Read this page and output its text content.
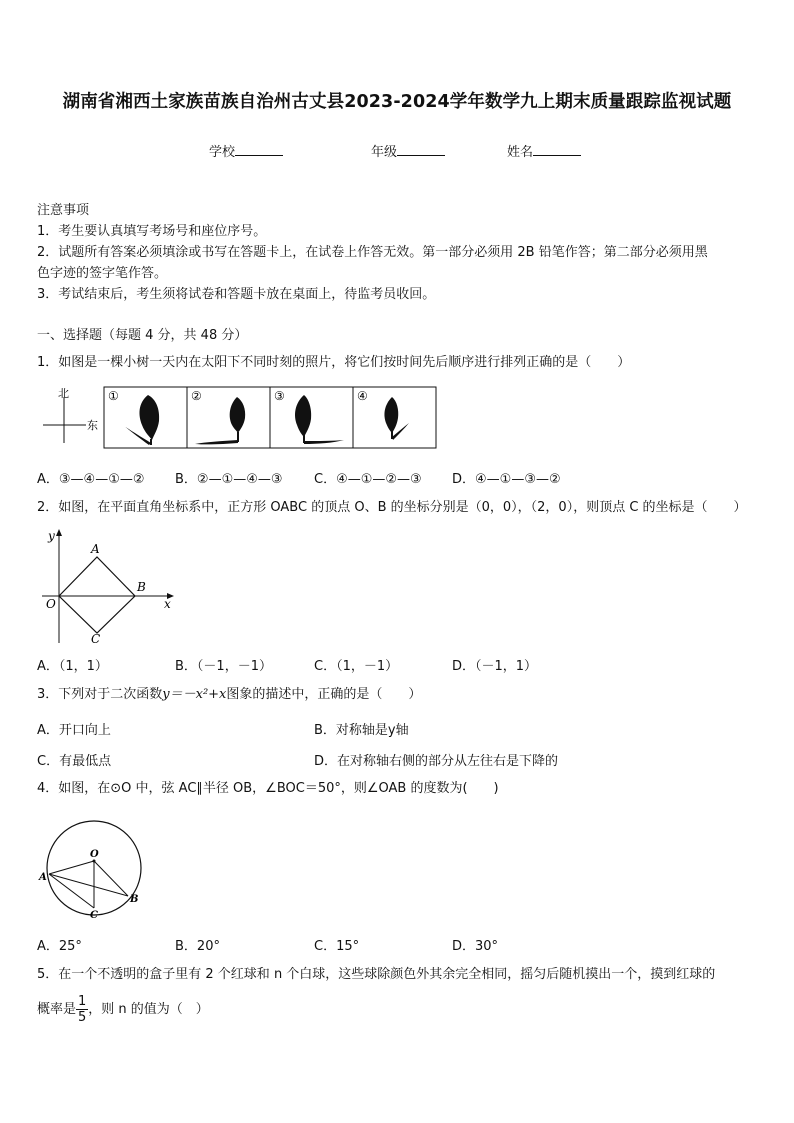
湖南省湘西土家族苗族自治州古丈县2023-2024学年数学九上期末质量跟踪监视试题
学校	年级	姓名
注意事项
1．考生要认真填写考场号和座位序号。
2．试题所有答案必须填涂或书写在答题卡上，在试卷上作答无效。第一部分必须用 2B 铅笔作答；第二部分必须用黑
色字迹的签字笔作答。
3．考试结束后，考生须将试卷和答题卡放在桌面上，待监考员收回。
一、选择题（每题 4 分，共 48 分）
1．如图是一棵小树一天内在太阳下不同时刻的照片，将它们按时间先后顺序进行排列正确的是（　　）
北
东
①	②	③	④
A．③—④—①—② B．②—①—④—③ C．④—①—②—③ D．④—①—③—②
2．如图，在平面直角坐标系中，正方形 OABC 的顶点 O、B 的坐标分别是（0，0），（2，0），则顶点 C 的坐标是（　　）
y
x
O
A
B
C
A．（1，1）	B．（－1，－1）	C．（1，－1）	D．（－1，1）
3．下列对于二次函数y＝－x²+x图象的描述中，正确的是（　　）
A．开口向上	B．对称轴是y轴
C．有最低点	D．在对称轴右侧的部分从左往右是下降的
4．如图，在⊙O 中，弦 AC∥半径 OB，∠BOC＝50°，则∠OAB 的度数为(　　)
O
A
B
C
A．25°	B．20°	C．15°	D．30°
5．在一个不透明的盒子里有 2 个红球和 n 个白球，这些球除颜色外其余完全相同，摇匀后随机摸出一个，摸到红球的
概率是 $\frac{1}{5}$ ，则 n 的值为（　）
